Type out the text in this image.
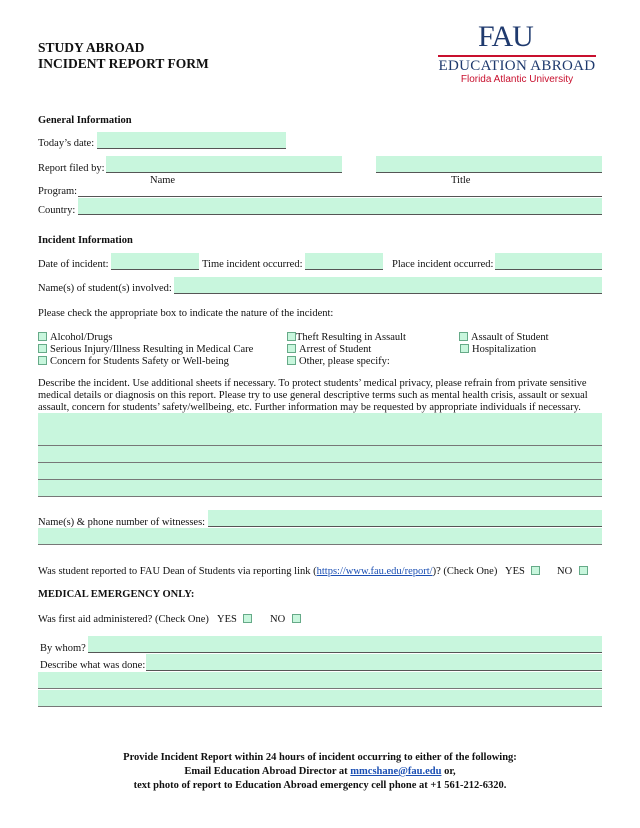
STUDY ABROAD
INCIDENT REPORT FORM
FAU
EDUCATION ABROAD
Florida Atlantic University
General Information
Today’s date:
Report filed by:
Name	Title
Program:
Country:
Incident Information
Date of incident:	Time incident occurred:	Place incident occurred:
Name(s) of student(s) involved:
Please check the appropriate box to indicate the nature of the incident:
Alcohol/Drugs
Serious Injury/Illness Resulting in Medical Care
Concern for Students Safety or Well-being
Theft Resulting in Assault
Arrest of Student
Other, please specify:
Assault of Student
Hospitalization
Describe the incident. Use additional sheets if necessary. To protect students’ medical privacy, please refrain from private sensitive medical details or diagnosis on this report. Please try to use general descriptive terms such as mental health crisis, assault or sexual assault, concern for students’ safety/wellbeing, etc. Further information may be requested by appropriate individuals if necessary.
Name(s) & phone number of witnesses:
Was student reported to FAU Dean of Students via reporting link (https://www.fau.edu/report/)? (Check One) YES	NO
MEDICAL EMERGENCY ONLY:
Was first aid administered? (Check One) YES	NO
By whom?
Describe what was done:
Provide Incident Report within 24 hours of incident occurring to either of the following:
Email Education Abroad Director at mmcshane@fau.edu or,
text photo of report to Education Abroad emergency cell phone at +1 561-212-6320.
